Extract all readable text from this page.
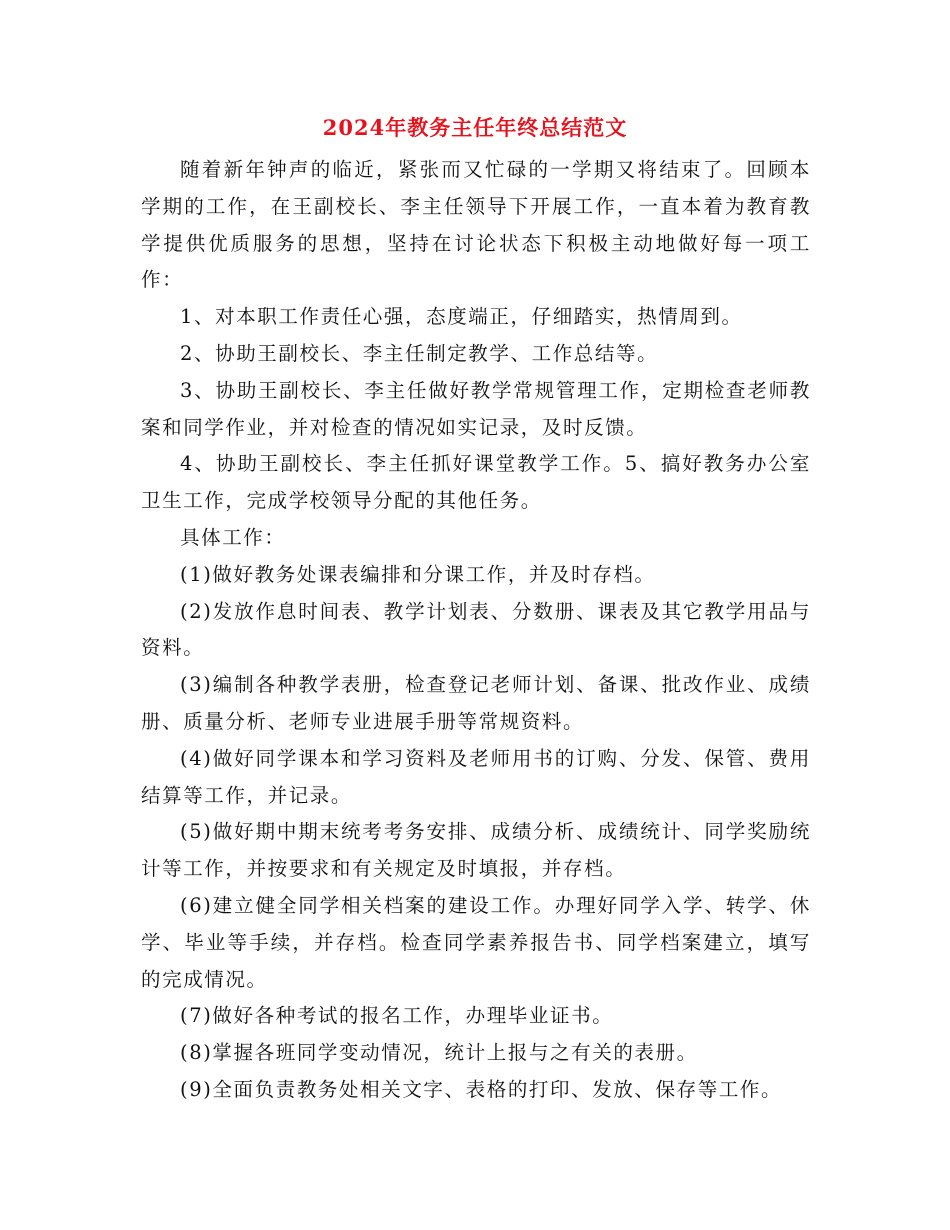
2024年教务主任年终总结范文

随着新年钟声的临近，紧张而又忙碌的一学期又将结束了。回顾本学期的工作，在王副校长、李主任领导下开展工作，一直本着为教育教学提供优质服务的思想，坚持在讨论状态下积极主动地做好每一项工作：

1、对本职工作责任心强，态度端正，仔细踏实，热情周到。

2、协助王副校长、李主任制定教学、工作总结等。

3、协助王副校长、李主任做好教学常规管理工作，定期检查老师教案和同学作业，并对检查的情况如实记录，及时反馈。

4、协助王副校长、李主任抓好课堂教学工作。5、搞好教务办公室卫生工作，完成学校领导分配的其他任务。

具体工作：

(1)做好教务处课表编排和分课工作，并及时存档。

(2)发放作息时间表、教学计划表、分数册、课表及其它教学用品与资料。

(3)编制各种教学表册，检查登记老师计划、备课、批改作业、成绩册、质量分析、老师专业进展手册等常规资料。

(4)做好同学课本和学习资料及老师用书的订购、分发、保管、费用结算等工作，并记录。

(5)做好期中期末统考考务安排、成绩分析、成绩统计、同学奖励统计等工作，并按要求和有关规定及时填报，并存档。

(6)建立健全同学相关档案的建设工作。办理好同学入学、转学、休学、毕业等手续，并存档。检查同学素养报告书、同学档案建立，填写的完成情况。

(7)做好各种考试的报名工作，办理毕业证书。

(8)掌握各班同学变动情况，统计上报与之有关的表册。

(9)全面负责教务处相关文字、表格的打印、发放、保存等工作。
